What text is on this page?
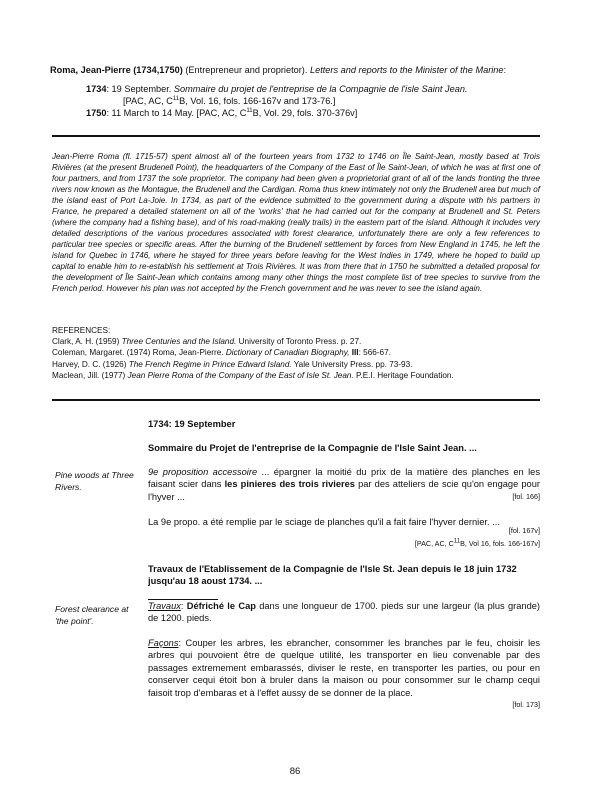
Roma, Jean-Pierre (1734,1750) (Entrepreneur and proprietor). Letters and reports to the Minister of the Marine:
1734: 19 September. Sommaire du projet de l'entreprise de la Compagnie de l'isle Saint Jean.
[PAC, AC, $C^{11}B$, Vol. 16, fols. 166-167v and 173-76.]
1750: 11 March to 14 May. [PAC, AC, $C^{11}B$, Vol. 29, fols. 370-376v]
Jean-Pierre Roma (fl. 1715-57) spent almost all of the fourteen years from 1732 to 1746 on Île Saint-Jean, mostly based at Trois Rivières (at the present Brudenell Point), the headquarters of the Company of the East of Île Saint-Jean, of which he was at first one of four partners, and from 1737 the sole proprietor. The company had been given a proprietorial grant of all of the lands fronting the three rivers now known as the Montague, the Brudenell and the Cardigan. Roma thus knew intimately not only the Brudenell area but much of the island east of Port La-Joie. In 1734, as part of the evidence submitted to the government during a dispute with his partners in France, he prepared a detailed statement on all of the 'works' that he had carried out for the company at Brudenell and St. Peters (where the company had a fishing base), and of his road-making (really trails) in the eastern part of the island. Although it includes very detailed descriptions of the various procedures associated with forest clearance, unfortunately there are only a few references to particular tree species or specific areas. After the burning of the Brudenell settlement by forces from New England in 1745, he left the island for Quebec in 1746, where he stayed for three years before leaving for the West Indies in 1749, where he hoped to build up capital to enable him to re-establish his settlement at Trois Rivières. It was from there that in 1750 he submitted a detailed proposal for the development of Île Saint-Jean which contains among many other things the most complete list of tree species to survive from the French period. However his plan was not accepted by the French government and he was never to see the island again.
REFERENCES:
Clark, A. H. (1959) Three Centuries and the Island. University of Toronto Press. p. 27.
Coleman, Margaret. (1974) Roma, Jean-Pierre. Dictionary of Canadian Biography, III: 566-67.
Harvey, D. C. (1926) The French Regime in Prince Edward Island. Yale University Press. pp. 73-93.
Maclean, Jill. (1977) Jean Pierre Roma of the Company of the East of Isle St. Jean. P.E.I. Heritage Foundation.
1734: 19 September
Sommaire du Projet de l'entreprise de la Compagnie de l'Isle Saint Jean. ...
Pine woods at Three Rivers.
9e proposition accessoire ... épargner la moitié du prix de la matière des planches en les faisant scier dans les pinieres des trois rivieres par des atteliers de scie qu'on engage pour l'hyver ...	[fol. 166]
La 9e propo. a été remplie par le sciage de planches qu'il a fait faire l'hyver dernier. ...
[fol. 167v]
[PAC, AC, $C^{11}B$, Vol 16, fols. 166-167v]
Travaux de l'Etablissement de la Compagnie de l'Isle St. Jean depuis le 18 juin 1732 jusqu'au 18 aoust 1734. ...
Forest clearance at 'the point'.
Travaux: Défriché le Cap dans une longueur de 1700. pieds sur une largeur (la plus grande) de 1200. pieds.
Façons: Couper les arbres, les ebrancher, consommer les branches par le feu, choisir les arbres qui pouvoient être de quelque utilité, les transporter en lieu convenable par des passages extremement embarassés, diviser le reste, en transporter les parties, ou pour en conserver cequi étoit bon à bruler dans la maison ou pour consommer sur le champ cequi faisoit trop d'embaras et à l'effet aussy de se donner de la place.
[fol. 173]
86
